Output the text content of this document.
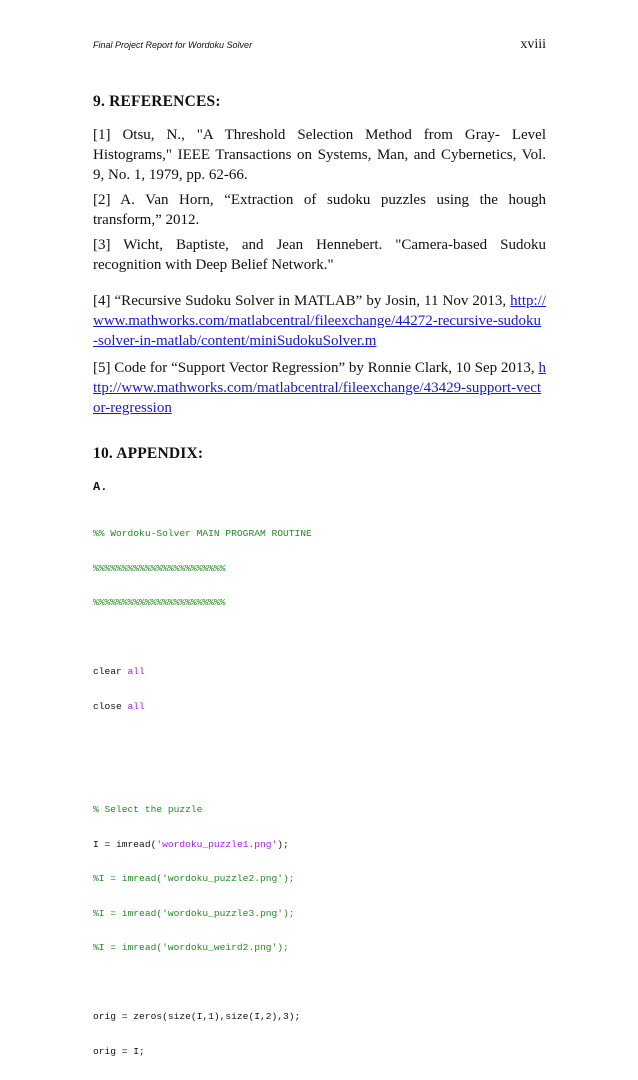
Final Project Report for Wordoku Solver	xviii
9. REFERENCES:

[1] Otsu, N., "A Threshold Selection Method from Gray- Level Histograms," IEEE Transactions on Systems, Man, and Cybernetics, Vol. 9, No. 1, 1979, pp. 62-66.

[2] A. Van Horn, “Extraction of sudoku puzzles using the hough transform,” 2012.

[3] Wicht, Baptiste, and Jean Hennebert. "Camera-based Sudoku recognition with Deep Belief Network."

[4] “Recursive Sudoku Solver in MATLAB” by Josin, 11 Nov 2013, http://www.mathworks.com/matlabcentral/fileexchange/44272-recursive-sudoku-solver-in-matlab/content/miniSudokuSolver.m

[5] Code for “Support Vector Regression” by Ronnie Clark, 10 Sep 2013, http://www.mathworks.com/matlabcentral/fileexchange/43429-support-vector-regression

10. APPENDIX:
A.

%% Wordoku-Solver MAIN PROGRAM ROUTINE

%%%%%%%%%%%%%%%%%%%%%%%

%%%%%%%%%%%%%%%%%%%%%%%

clear all

close all

% Select the puzzle

I = imread('wordoku_puzzle1.png');

%I = imread('wordoku_puzzle2.png');

%I = imread('wordoku_puzzle3.png');

%I = imread('wordoku_weird2.png');

orig = zeros(size(I,1),size(I,2),3);

orig = I;
